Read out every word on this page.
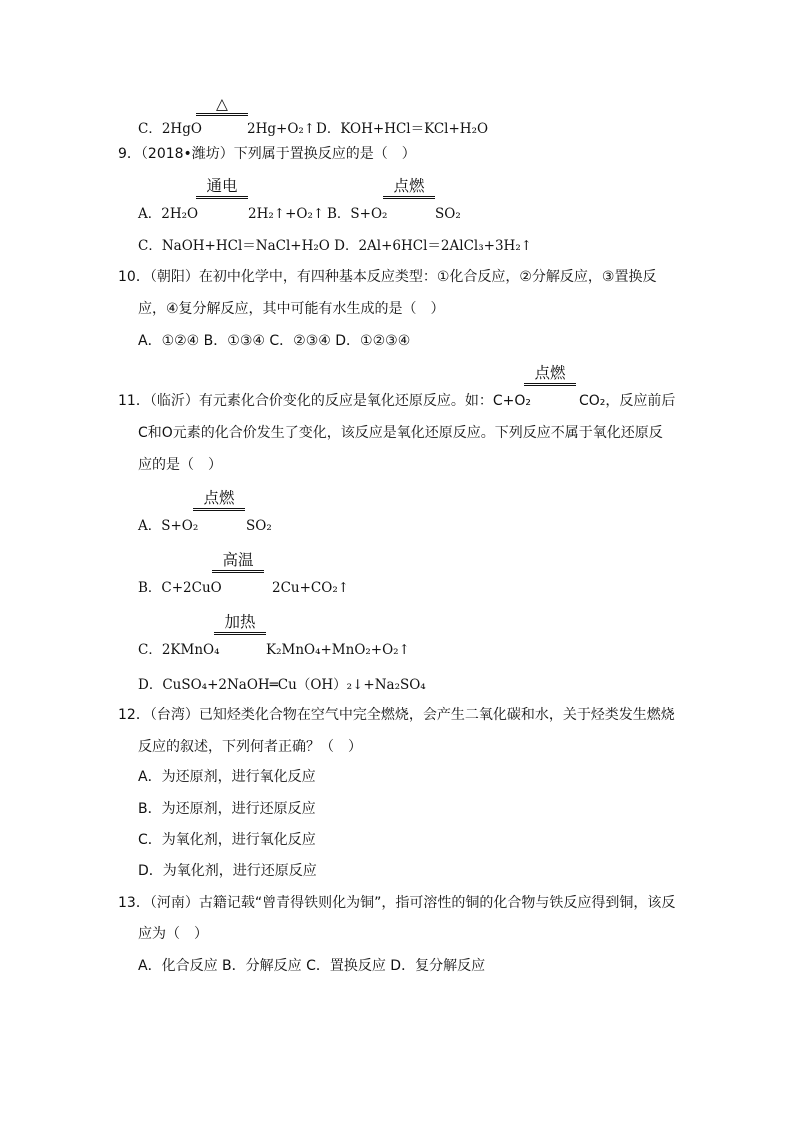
△
C．2HgO	2Hg+O₂↑ D．KOH+HCl＝KCl+H₂O
9．（2018•潍坊）下列属于置换反应的是（　）
通电	点燃
A．2H₂O	2H₂↑+O₂↑ B．S+O₂	SO₂
C．NaOH+HCl＝NaCl+H₂O D．2Al+6HCl＝2AlCl₃+3H₂↑
10．（朝阳）在初中化学中，有四种基本反应类型：①化合反应，②分解反应，③置换反
应，④复分解反应，其中可能有水生成的是（　）
A．①②④ B．①③④ C．②③④ D．①②③④
点燃
11．（临沂）有元素化合价变化的反应是氧化还原反应。如：C+O₂	CO₂，反应前后
C和O元素的化合价发生了变化，该反应是氧化还原反应。下列反应不属于氧化还原反
应的是（　）
点燃
A．S+O₂	SO₂
高温
B．C+2CuO	2Cu+CO₂↑
加热
C．2KMnO₄	K₂MnO₄+MnO₂+O₂↑
D．CuSO₄+2NaOH═Cu（OH）₂↓+Na₂SO₄
12．（台湾）已知烃类化合物在空气中完全燃烧，会产生二氧化碳和水，关于烃类发生燃烧
反应的叙述，下列何者正确？（　）
A．为还原剂，进行氧化反应
B．为还原剂，进行还原反应
C．为氧化剂，进行氧化反应
D．为氧化剂，进行还原反应
13．（河南）古籍记载“曾青得铁则化为铜”，指可溶性的铜的化合物与铁反应得到铜，该反
应为（　）
A．化合反应 B．分解反应 C．置换反应 D．复分解反应
